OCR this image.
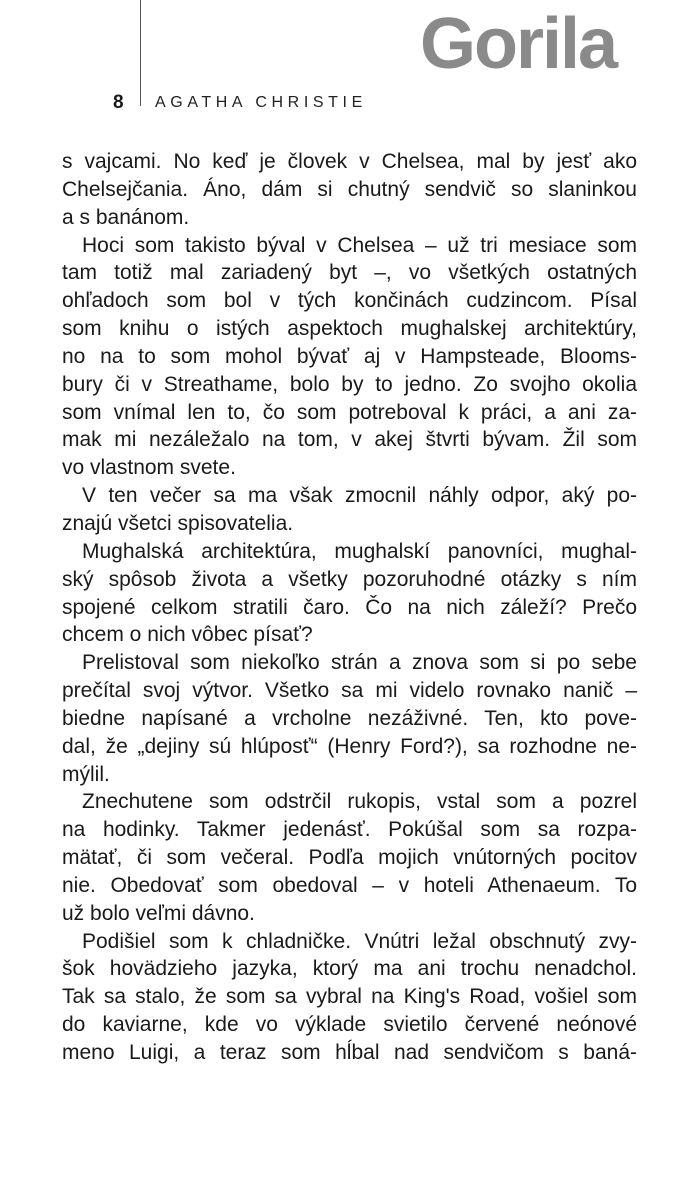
8 AGATHA CHRISTIE
s vajcami. No keď je človek v Chelsea, mal by jesť ako
Chelsejčania. Áno, dám si chutný sendvič so slaninkou
a s banánom.
Hoci som takisto býval v Chelsea – už tri mesiace som
tam totiž mal zariadený byt –, vo všetkých ostatných
ohľadoch som bol v tých končinách cudzincom. Písal
som knihu o istých aspektoch mughalskej architektúry,
no na to som mohol bývať aj v Hampsteade, Blooms-
bury či v Streathame, bolo by to jedno. Zo svojho okolia
som vnímal len to, čo som potreboval k práci, a ani za-
mak mi nezáležalo na tom, v akej štvrti bývam. Žil som
vo vlastnom svete.
V ten večer sa ma však zmocnil náhly odpor, aký po-
znajú všetci spisovatelia.
Mughalská architektúra, mughalskí panovníci, mughal-
ský spôsob života a všetky pozoruhodné otázky s ním
spojené celkom stratili čaro. Čo na nich záleží? Prečo
chcem o nich vôbec písať?
Prelistoval som niekoľko strán a znova som si po sebe
prečítal svoj výtvor. Všetko sa mi videlo rovnako nanič –
biedne napísané a vrcholne nezáživné. Ten, kto pove-
dal, že „dejiny sú hlúposť“ (Henry Ford?), sa rozhodne ne-
mýlil.
Znechutene som odstrčil rukopis, vstal som a pozrel
na hodinky. Takmer jedenásť. Pokúšal som sa rozpa-
mätať, či som večeral. Podľa mojich vnútorných pocitov
nie. Obedovať som obedoval – v hoteli Athenaeum. To
už bolo veľmi dávno.
Podišiel som k chladničke. Vnútri ležal obschnutý zvy-
šok hovädzieho jazyka, ktorý ma ani trochu nenadchol.
Tak sa stalo, že som sa vybral na King's Road, vošiel som
do kaviarne, kde vo výklade svietilo červené neónové
meno Luigi, a teraz som hĺbal nad sendvičom s baná-
Gorila
